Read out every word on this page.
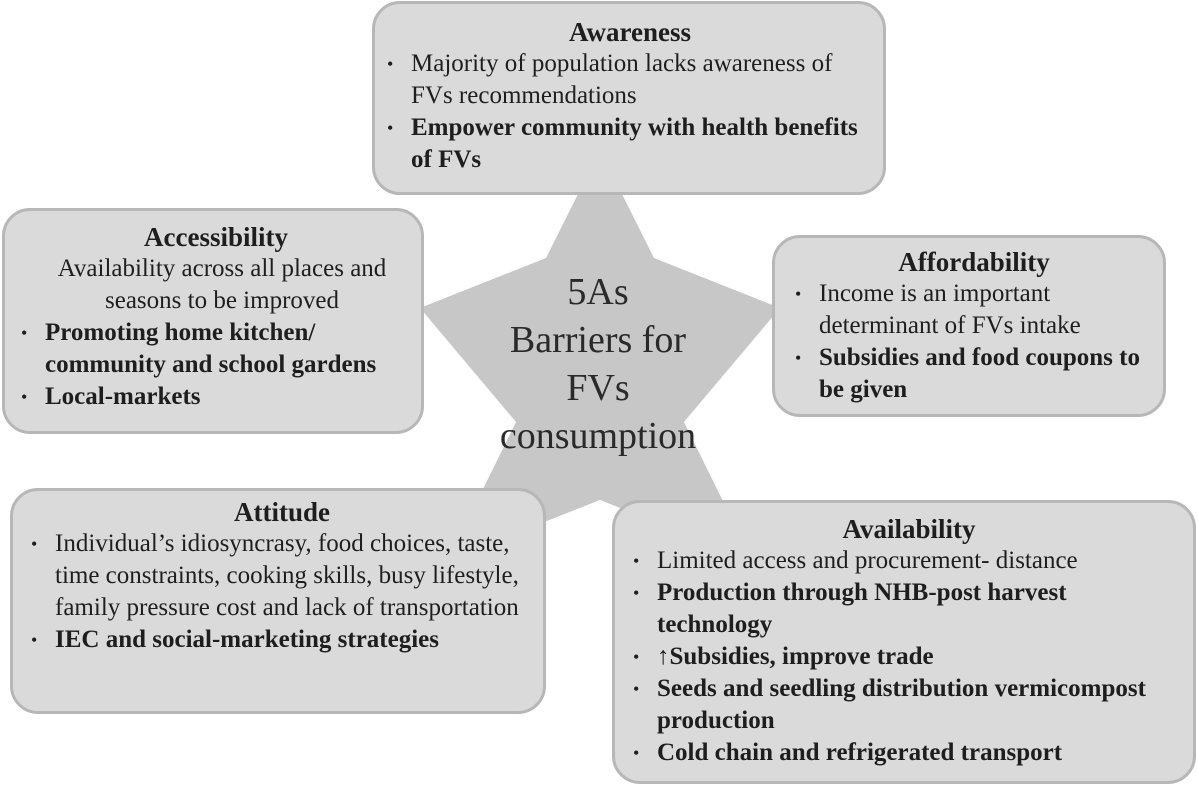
5As
Barriers for
FVs
consumption
Awareness
• Majority of population lacks awareness of FVs recommendations
• Empower community with health benefits of FVs
Accessibility
Availability across all places and seasons to be improved
• Promoting home kitchen/ community and school gardens
• Local-markets
Affordability
• Income is an important determinant of FVs intake
• Subsidies and food coupons to be given
Attitude
• Individual’s idiosyncrasy, food choices, taste, time constraints, cooking skills, busy lifestyle, family pressure cost and lack of transportation
• IEC and social-marketing strategies
Availability
• Limited access and procurement- distance
• Production through NHB-post harvest technology
• ↑Subsidies, improve trade
• Seeds and seedling distribution vermicompost production
• Cold chain and refrigerated transport
